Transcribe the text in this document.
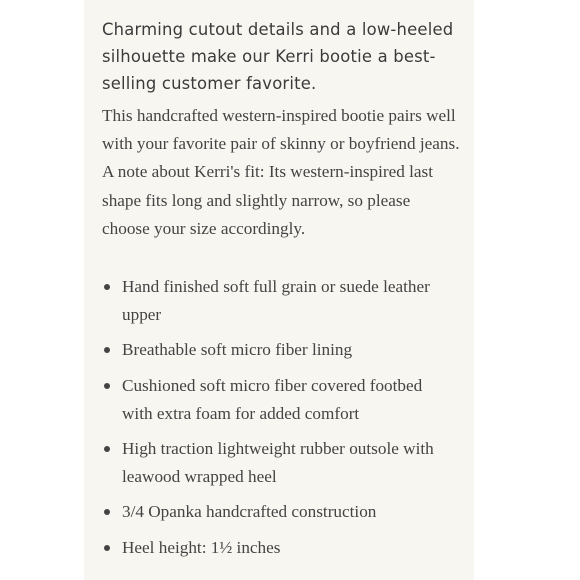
Charming cutout details and a low-heeled silhouette make our Kerri bootie a best-selling customer favorite.

This handcrafted western-inspired bootie pairs well with your favorite pair of skinny or boyfriend jeans. A note about Kerri's fit: Its western-inspired last shape fits long and slightly narrow, so please choose your size accordingly.

Hand finished soft full grain or suede leather upper
Breathable soft micro fiber lining
Cushioned soft micro fiber covered footbed with extra foam for added comfort
High traction lightweight rubber outsole with leawood wrapped heel
3/4 Opanka handcrafted construction
Heel height: 1½ inches
